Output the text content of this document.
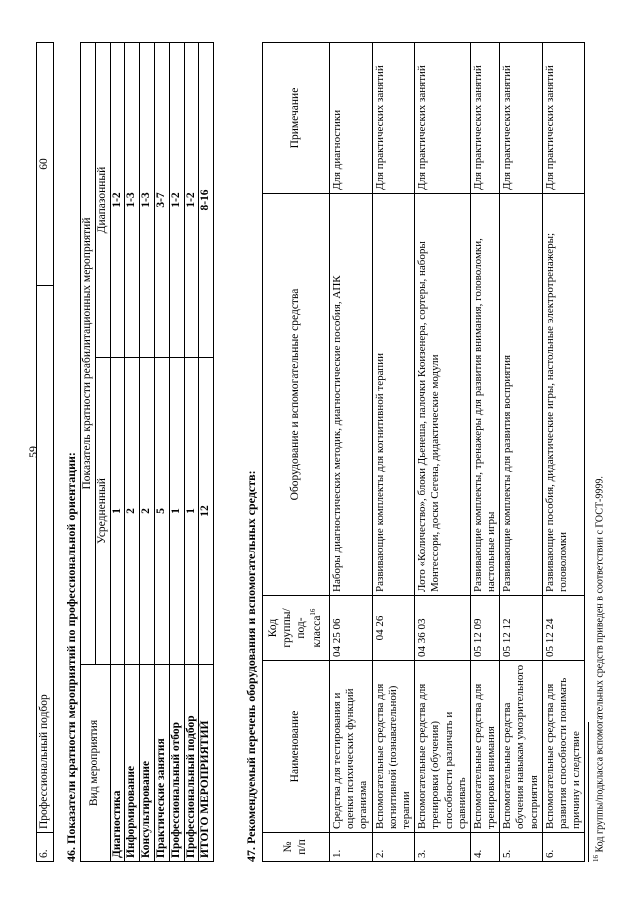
59
6.	Профессиональный подбор	60
46. Показатели кратности мероприятий по профессиональной ориентации: Вид мероприятия	Показатель кратности реабилитационных мероприятий	
	Усредненный	Диапазонный
Диагностика	1	1-2
Информирование	2	1-3
Консультирование	2	1-3
Практические занятия	5	3-7
Профессиональный отбор	1	1-2
Профессиональный подбор	1	1-2
ИТОГО МЕРОПРИЯТИЙ	12	8-16
47. Рекомендуемый перечень оборудования и вспомогательных средств: № п/п	Наименование	Код группы/под-класса$^{16}$	Оборудование и вспомогательные средства	Примечание
1.	Средства для тестирования и оценки психических функций организма	04 25 06	Наборы диагностических методик, диагностические пособия, АПК	Для диагностики
2.	Вспомогательные средства для когнитивной (познавательной) терапии	04 26	Развивающие комплекты для когнитивной терапии	Для практических занятий
3.	Вспомогательные средства для тренировки (обучения) способности различать и сравнивать	04 36 03	Лото «Количество», блоки Дьенеша, палочки Кюизенера, сортеры, наборы Монтессори, доски Сегена, дидактические модули	Для практических занятий
4.	Вспомогательные средства для тренировки внимания	05 12 09	Развивающие комплекты, тренажеры для развития внимания, головоломки, настольные игры	Для практических занятий
5.	Вспомогательные средства обучения навыкам умозрительного восприятия	05 12 12	Развивающие комплекты для развития восприятия	Для практических занятий
6.	Вспомогательные средства для развития способности понимать причину и следствие	05 12 24	Развивающие пособия, дидактические игры, настольные электротренажеры; головоломки	Для практических занятий
$^{16}$ Код группы/подкласса вспомогательных средств приведен в соответствии с ГОСТ-9999.
